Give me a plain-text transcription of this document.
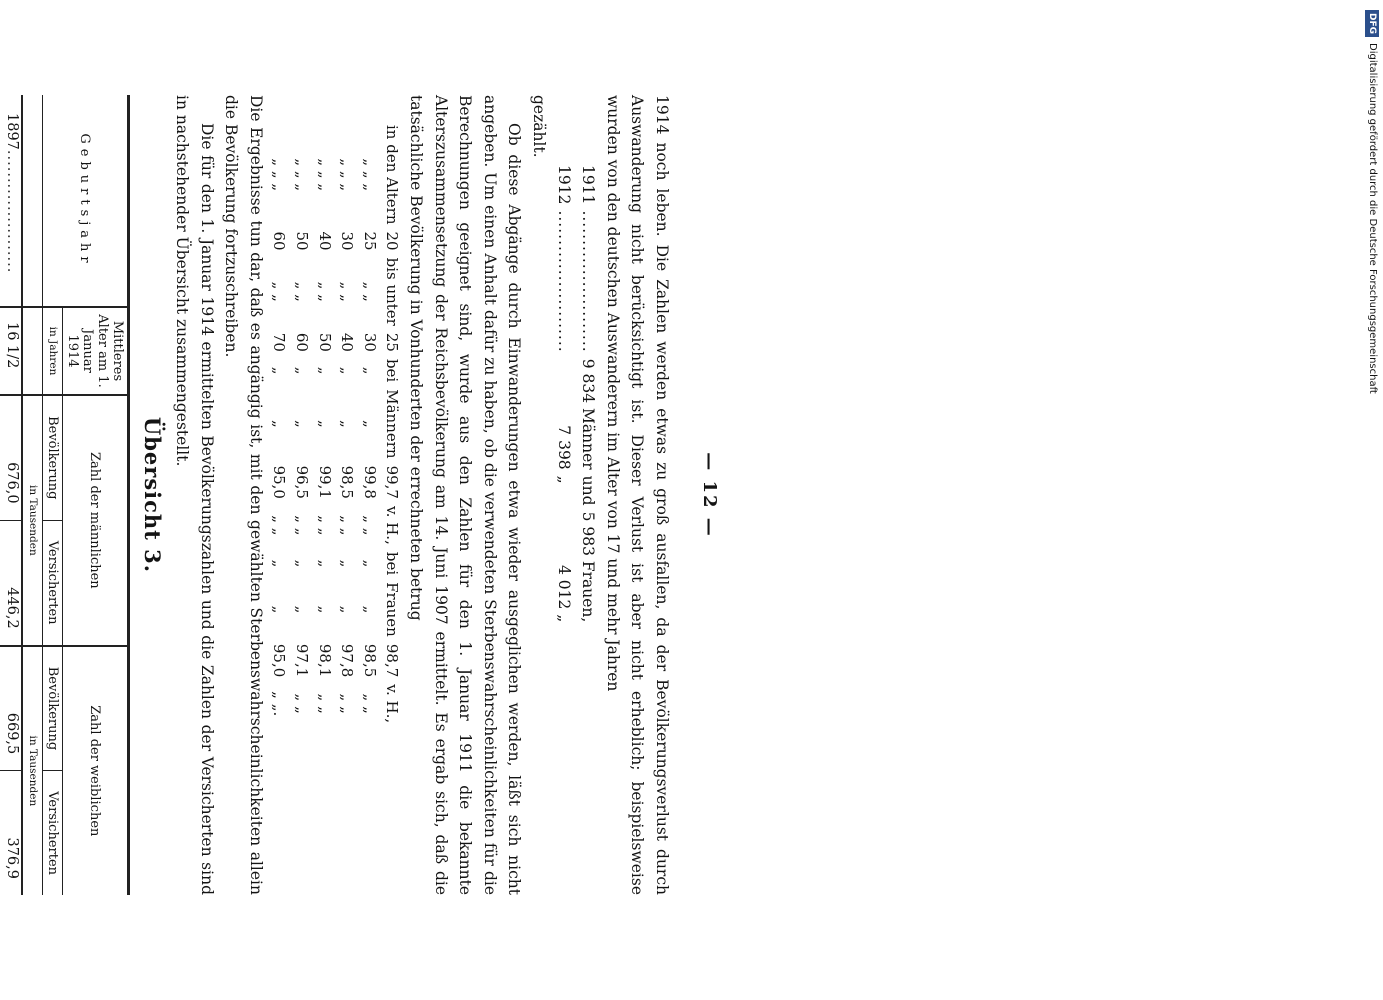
— 12 —

1914 noch leben. Die Zahlen werden etwas zu groß ausfallen, da der Bevölkerungsverlust durch Auswanderung nicht berücksichtigt ist. Dieser Verlust ist aber nicht erheblich; beispielsweise wurden von den deutschen Auswanderern im Alter von 17 und mehr Jahren

1911	........................	9 834 Männer	und	5 983 Frauen,
1912	........................	7 398	„	4 012 „

gezählt.

Ob diese Abgänge durch Einwanderungen etwa wieder ausgeglichen werden, läßt sich nicht angeben. Um einen Anhalt dafür zu haben, ob die verwendeten Sterbenswahrscheinlichkeiten für die Berechnungen geeignet sind, wurde aus den Zahlen für den 1. Januar 1911 die bekannte Alterszusammensetzung der Reichsbevölkerung am 14. Juni 1907 ermittelt. Es ergab sich, daß die tatsächliche Bevölkerung in Vonhunderten der errechneten betrug

in den Altern	20	bis unter	25	bei	Männern	99,7	v. H.,	bei	Frauen	98,7	v. H.,
„ „ „	25	„ „	30	„	„	99,8	„ „	„	„	98,5	„ „
„ „ „	30	„ „	40	„	„	98,5	„ „	„	„	97,8	„ „
„ „ „	40	„ „	50	„	„	99,1	„ „	„	„	98,1	„ „
„ „ „	50	„ „	60	„	„	96,5	„ „	„	„	97,1	„ „
„ „ „	60	„ „	70	„	„	95,0	„ „	„	„	95,0	„ „.

Die Ergebnisse tun dar, daß es angängig ist, mit den gewählten Sterbenswahrscheinlichkeiten allein die Bevölkerung fortzuschreiben.

Die für den 1. Januar 1914 ermittelten Bevölkerungszahlen und die Zahlen der Versicherten sind in nachstehender Übersicht zusammengestellt.

Übersicht 3.
Geburtsjahr	Mittleres Alter am 1. Januar 1914	Zahl der männlichen		Zahl der weiblichen	
	in Jahren	Bevölkerung	Versicherten	Bevölkerung	Versicherten
		in Tausenden		in Tausenden	
1897......................	16 1/2	676,0	446,2	669,5	376,9

DFGDigitalisierung gefördert durch die Deutsche Forschungsgemeinschaft
